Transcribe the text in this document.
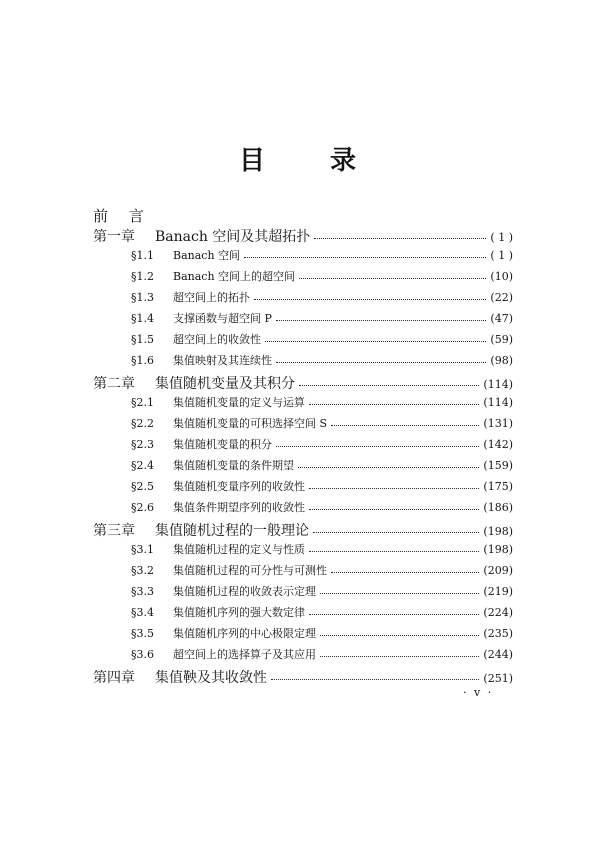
目	录
前 言
第一章	Banach 空间及其超拓扑	( 1 )
§1.1	Banach 空间	( 1 )
§1.2	Banach 空间上的超空间	(10)
§1.3	超空间上的拓扑	(22)
§1.4	支撑函数与超空间 P	(47)
§1.5	超空间上的收敛性	(59)
§1.6	集值映射及其连续性	(98)
第二章	集值随机变量及其积分	(114)
§2.1	集值随机变量的定义与运算	(114)
§2.2	集值随机变量的可积选择空间 S	(131)
§2.3	集值随机变量的积分	(142)
§2.4	集值随机变量的条件期望	(159)
§2.5	集值随机变量序列的收敛性	(175)
§2.6	集值条件期望序列的收敛性	(186)
第三章	集值随机过程的一般理论	(198)
§3.1	集值随机过程的定义与性质	(198)
§3.2	集值随机过程的可分性与可测性	(209)
§3.3	集值随机过程的收敛表示定理	(219)
§3.4	集值随机序列的强大数定律	(224)
§3.5	集值随机序列的中心极限定理	(235)
§3.6	超空间上的选择算子及其应用	(244)
第四章	集值鞅及其收敛性	(251)
· v ·
